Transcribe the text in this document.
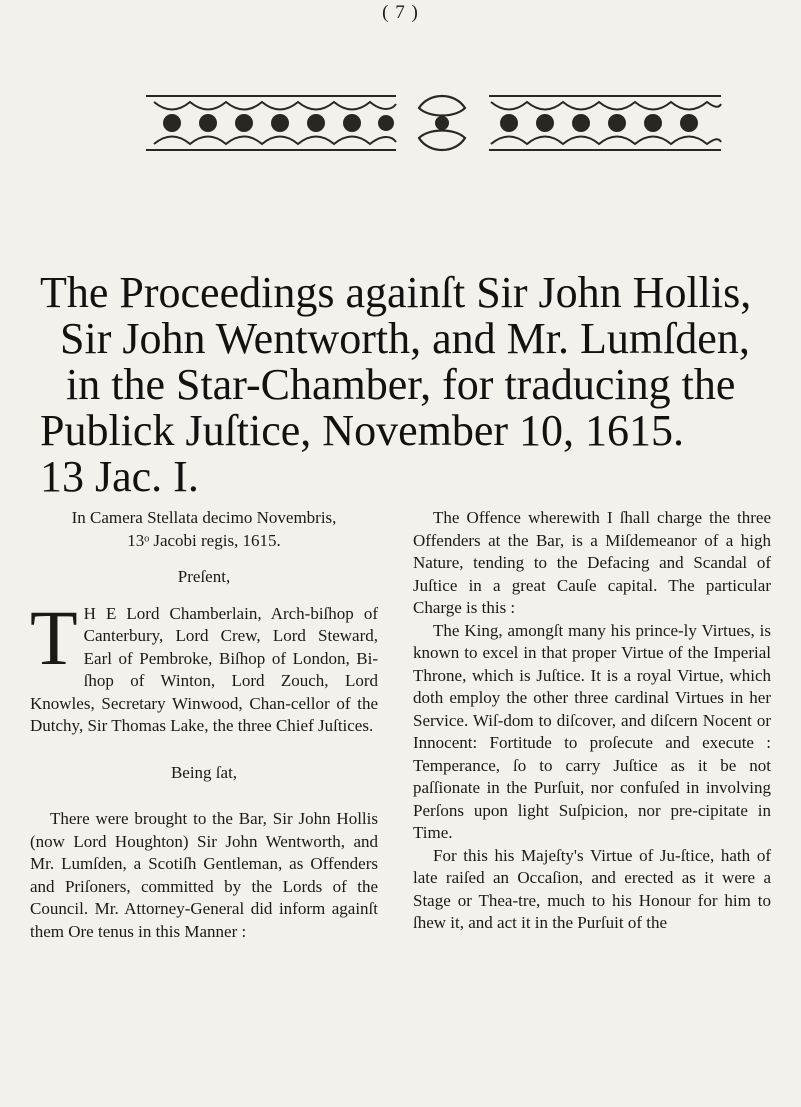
( 7 )
The Proceedings againſt Sir John Hollis,
Sir John Wentworth, and Mr. Lumſden,
in the Star-Chamber, for traducing the
Publick Juſtice, November 10, 1615.
13 Jac. I.

In Camera Stellata decimo Novembris,

13ᵒ Jacobi regis, 1615.

Preſent,

T H E Lord Chamberlain, Arch-biſhop of Canterbury, Lord Crew, Lord Steward, Earl of Pembroke, Biſhop of London, Bi-ſhop of Winton, Lord Zouch, Lord Knowles, Secretary Winwood, Chan-cellor of the Dutchy, Sir Thomas Lake, the three Chief Juſtices.

Being ſat,

There were brought to the Bar, Sir John Hollis (now Lord Houghton) Sir John Wentworth, and Mr. Lumſden, a Scotiſh Gentleman, as Offenders and Priſoners, committed by the Lords of the Council. Mr. Attorney-General did inform againſt them Ore tenus in this Manner :

The Offence wherewith I ſhall charge the three Offenders at the Bar, is a Miſdemeanor of a high Nature, tending to the Defacing and Scandal of Juſtice in a great Cauſe capital. The particular Charge is this :

The King, amongſt many his prince-ly Virtues, is known to excel in that proper Virtue of the Imperial Throne, which is Juſtice. It is a royal Virtue, which doth employ the other three cardinal Virtues in her Service. Wiſ-dom to diſcover, and diſcern Nocent or Innocent: Fortitude to proſecute and execute : Temperance, ſo to carry Juſtice as it be not paſſionate in the Purſuit, nor confuſed in involving Perſons upon light Suſpicion, nor pre-cipitate in Time.

For this his Majeſty's Virtue of Ju-ſtice, hath of late raiſed an Occaſion, and erected as it were a Stage or Thea-tre, much to his Honour for him to ſhew it, and act it in the Purſuit of the
